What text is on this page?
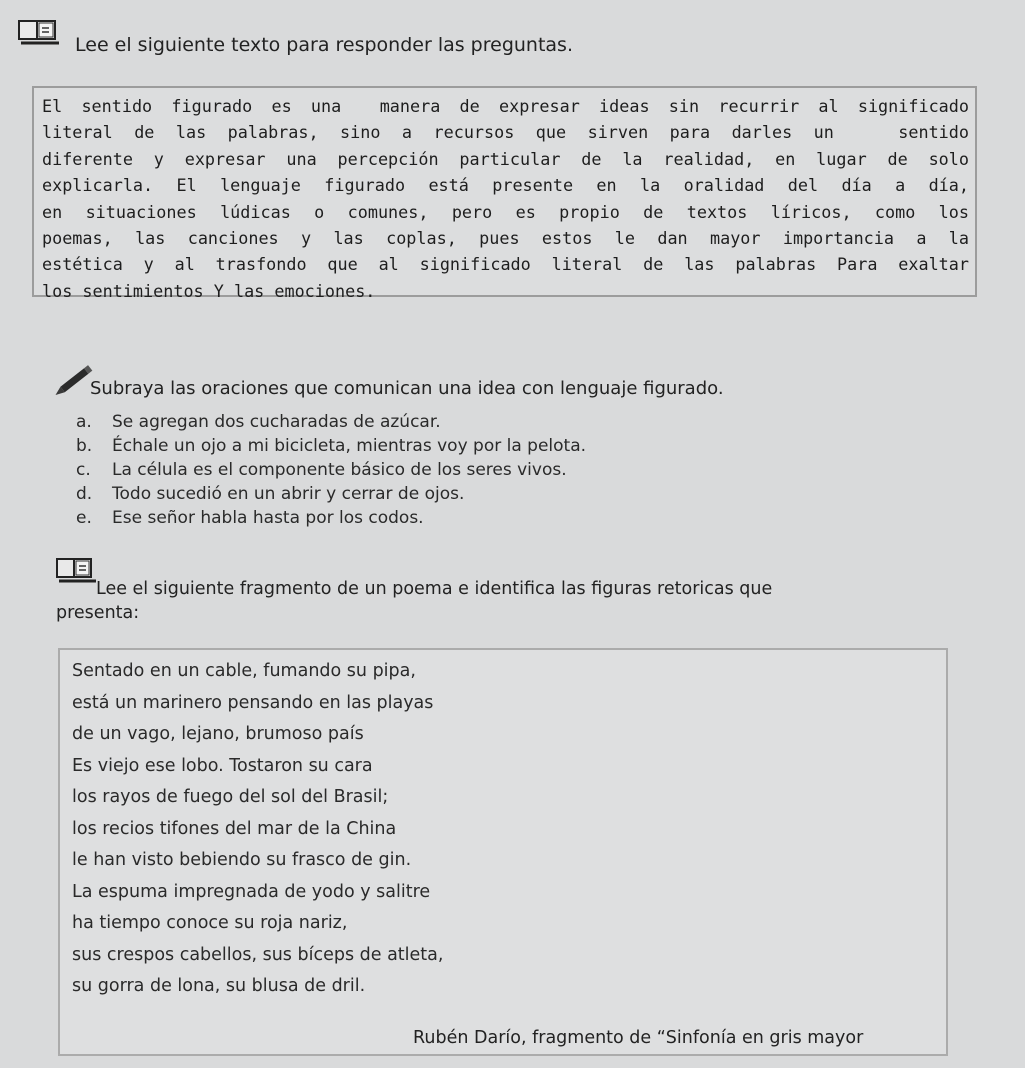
Lee el siguiente texto para responder las preguntas.
El sentido figurado es una  manera de expresar ideas sin recurrir al significado
literal de las palabras, sino a recursos que sirven para darles un   sentido
diferente y expresar una percepción particular de la realidad, en lugar de solo
explicarla. El lenguaje figurado está presente en la oralidad del día a día,
en situaciones lúdicas o comunes, pero es propio de textos líricos, como los
poemas, las canciones y las coplas, pues estos le dan mayor importancia a la
estética y al trasfondo que al significado literal de las palabras Para exaltar
los sentimientos Y las emociones.
Subraya las oraciones que comunican una idea con lenguaje figurado.
a. Se agregan dos cucharadas de azúcar.
b. Échale un ojo a mi bicicleta, mientras voy por la pelota.
c. La célula es el componente básico de los seres vivos.
d. Todo sucedió en un abrir y cerrar de ojos.
e. Ese señor habla hasta por los codos.
Lee el siguiente fragmento de un poema e identifica las figuras retoricas que
presenta:
Sentado en un cable, fumando su pipa,
está un marinero pensando en las playas
de un vago, lejano, brumoso país
Es viejo ese lobo. Tostaron su cara
los rayos de fuego del sol del Brasil;
los recios tifones del mar de la China
le han visto bebiendo su frasco de gin.
La espuma impregnada de yodo y salitre
ha tiempo conoce su roja nariz,
sus crespos cabellos, sus bíceps de atleta,
su gorra de lona, su blusa de dril.
Rubén Darío, fragmento de “Sinfonía en gris mayor
